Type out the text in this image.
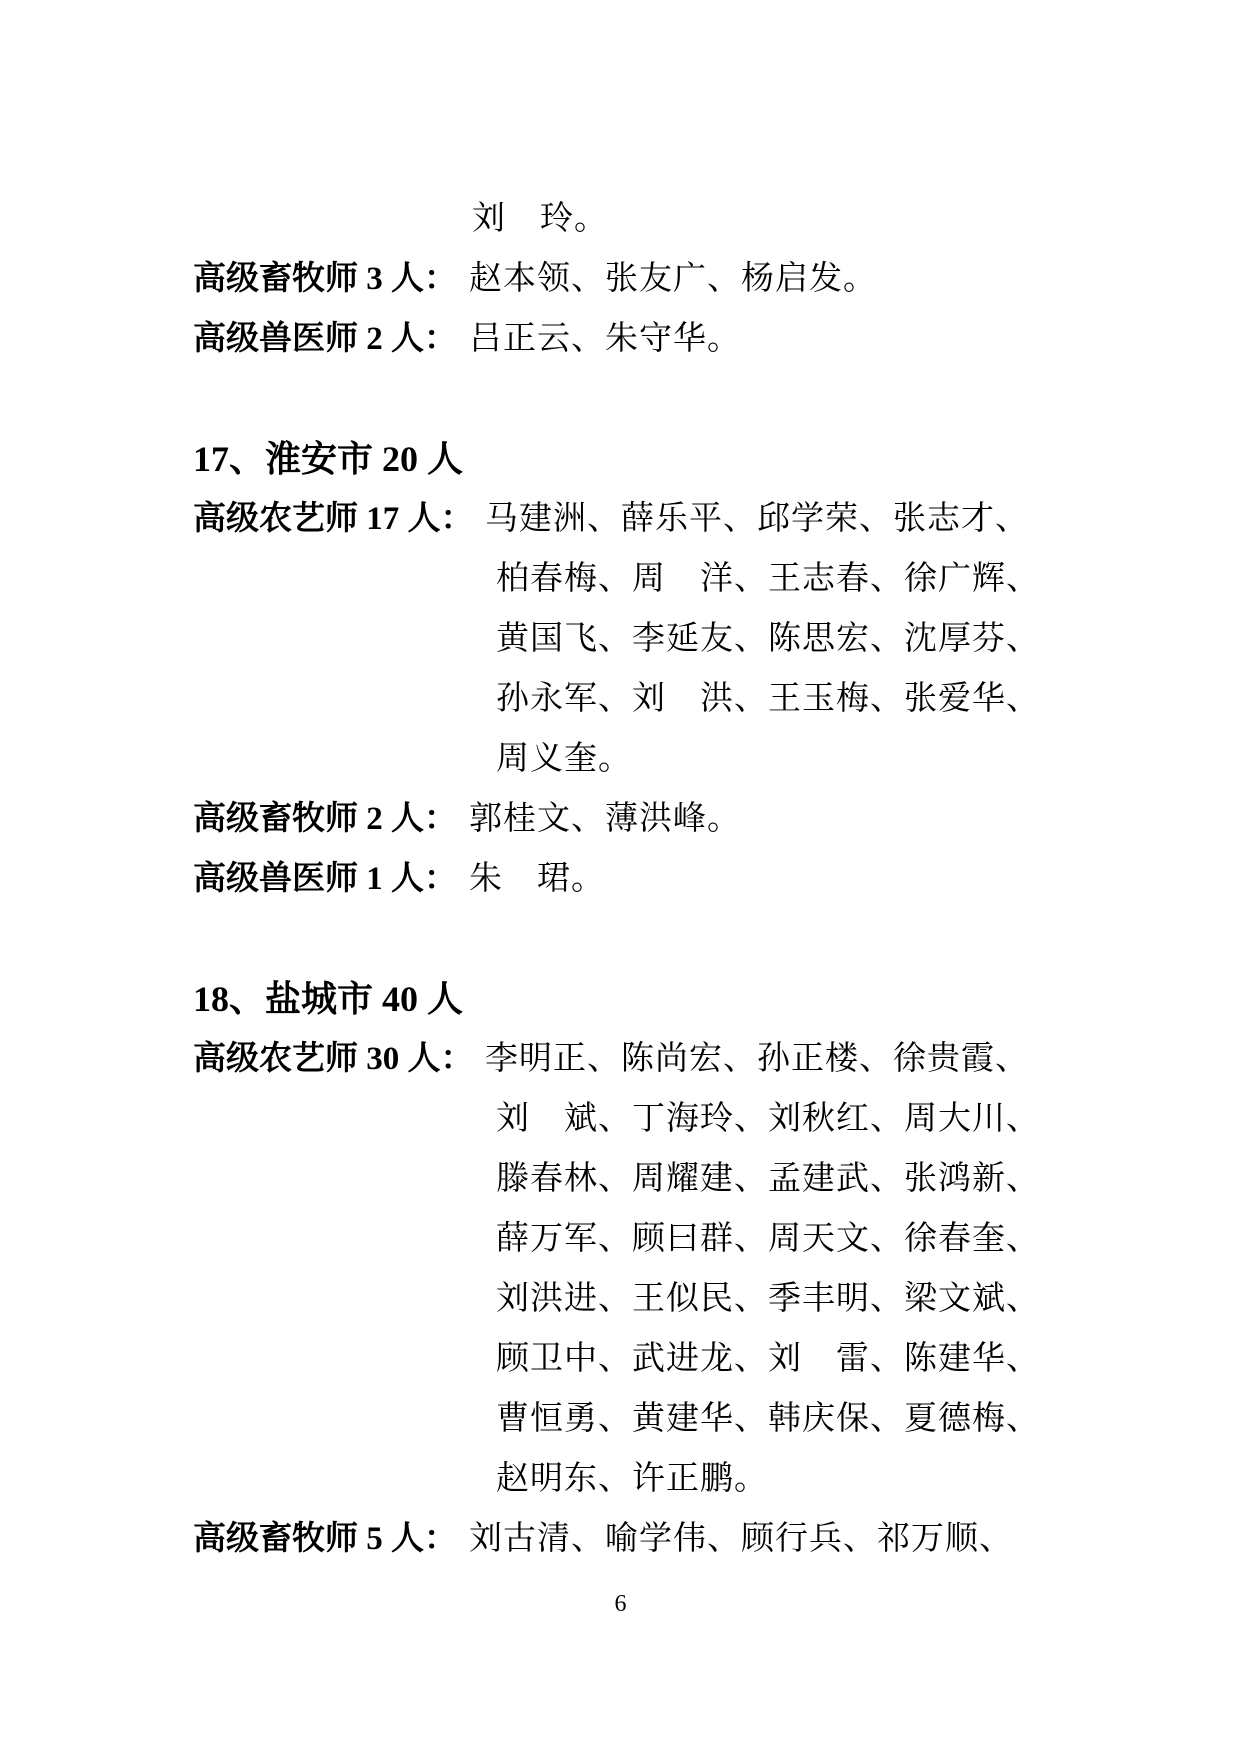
刘　玲。
高级畜牧师 3 人： 赵本领、张友广、杨启发。
高级兽医师 2 人： 吕正云、朱守华。
17、淮安市 20 人
高级农艺师 17 人： 马建洲、薛乐平、邱学荣、张志才、
柏春梅、周　洋、王志春、徐广辉、
黄国飞、李延友、陈思宏、沈厚芬、
孙永军、刘　洪、王玉梅、张爱华、
周义奎。
高级畜牧师 2 人： 郭桂文、薄洪峰。
高级兽医师 1 人： 朱　珺。
18、盐城市 40 人
高级农艺师 30 人： 李明正、陈尚宏、孙正楼、徐贵霞、
刘　斌、丁海玲、刘秋红、周大川、
滕春林、周耀建、孟建武、张鸿新、
薛万军、顾曰群、周天文、徐春奎、
刘洪进、王似民、季丰明、梁文斌、
顾卫中、武进龙、刘　雷、陈建华、
曹恒勇、黄建华、韩庆保、夏德梅、
赵明东、许正鹏。
高级畜牧师 5 人： 刘古清、喻学伟、顾行兵、祁万顺、
6
